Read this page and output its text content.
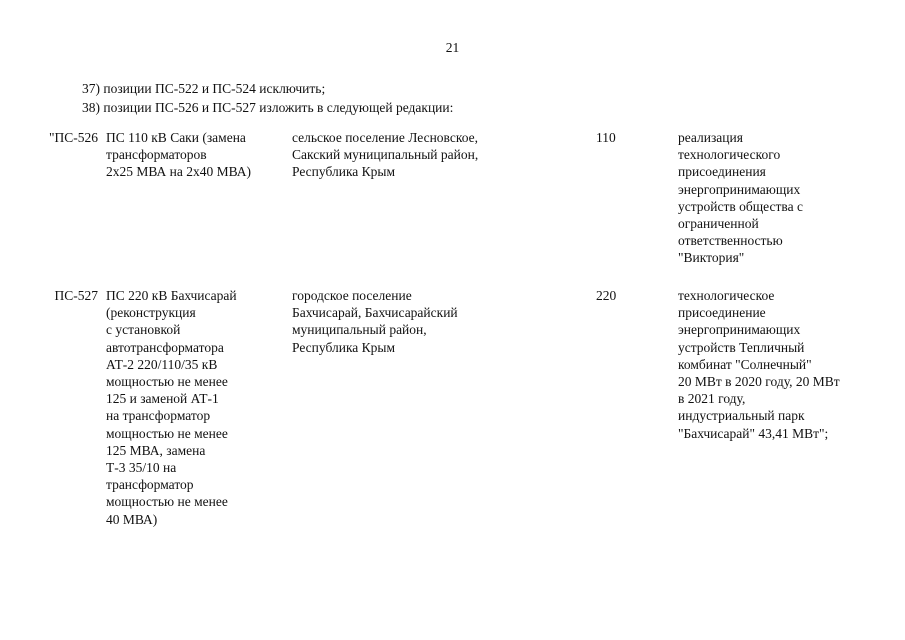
21
37) позиции ПС-522 и ПС-524 исключить;
38) позиции ПС-526 и ПС-527 изложить в следующей редакции:
"ПС-526 ПС 110 кВ Саки (замена
трансформаторов
2х25 МВА на 2х40 МВА)
сельское поселение Лесновское,
Сакский муниципальный район,
Республика Крым
110	реализация
технологического
присоединения
энергопринимающих
устройств общества с
ограниченной
ответственностью
"Виктория"
ПС-527 ПС 220 кВ Бахчисарай
(реконструкция
с установкой
автотрансформатора
АТ-2 220/110/35 кВ
мощностью не менее
125 и заменой АТ-1
на трансформатор
мощностью не менее
125 МВА, замена
Т-3 35/10 на
трансформатор
мощностью не менее
40 МВА)
городское поселение
Бахчисарай, Бахчисарайский
муниципальный район,
Республика Крым
220	технологическое
присоединение
энергопринимающих
устройств Тепличный
комбинат "Солнечный"
20 МВт в 2020 году, 20 МВт
в 2021 году,
индустриальный парк
"Бахчисарай" 43,41 МВт";
